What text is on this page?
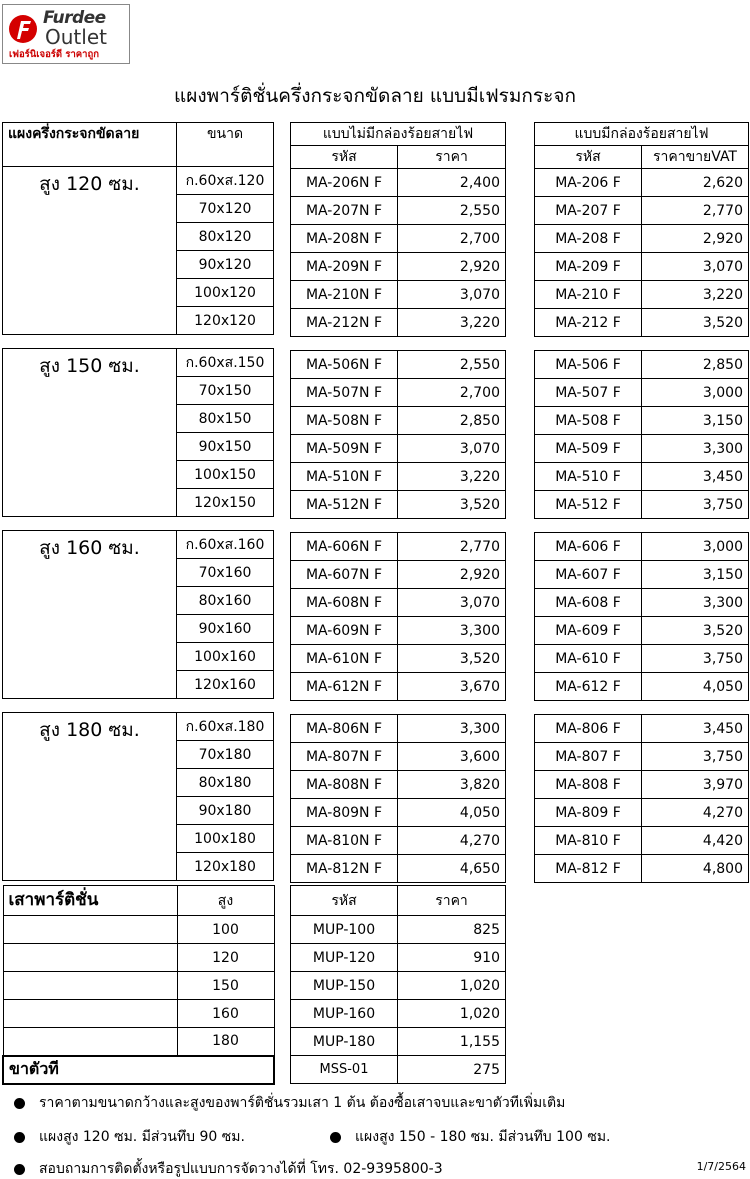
Furdee
Outlet
เฟอร์นิเจอร์ดี ราคาถูก
แผงพาร์ติชั่นครึ่งกระจกขัดลาย แบบมีเฟรมกระจก
แผงครึ่งกระจกขัดลาย	ขนาด

สูง 120 ซม.	ก.60xส.120
	70x120
	80x120
	90x120
	100x120
	120x120

สูง 150 ซม.	ก.60xส.150
	70x150
	80x150
	90x150
	100x150
	120x150

สูง 160 ซม.	ก.60xส.160
	70x160
	80x160
	90x160
	100x160
	120x160

สูง 180 ซม.	ก.60xส.180
	70x180
	80x180
	90x180
	100x180
	120x180
แบบไม่มีกล่องร้อยสายไฟ	
รหัส	ราคา
MA-206N F	2,400
MA-207N F	2,550
MA-208N F	2,700
MA-209N F	2,920
MA-210N F	3,070
MA-212N F	3,220

MA-506N F	2,550
MA-507N F	2,700
MA-508N F	2,850
MA-509N F	3,070
MA-510N F	3,220
MA-512N F	3,520

MA-606N F	2,770
MA-607N F	2,920
MA-608N F	3,070
MA-609N F	3,300
MA-610N F	3,520
MA-612N F	3,670

MA-806N F	3,300
MA-807N F	3,600
MA-808N F	3,820
MA-809N F	4,050
MA-810N F	4,270
MA-812N F	4,650
แบบมีกล่องร้อยสายไฟ	
รหัส	ราคาขายVAT
MA-206 F	2,620
MA-207 F	2,770
MA-208 F	2,920
MA-209 F	3,070
MA-210 F	3,220
MA-212 F	3,520

MA-506 F	2,850
MA-507 F	3,000
MA-508 F	3,150
MA-509 F	3,300
MA-510 F	3,450
MA-512 F	3,750

MA-606 F	3,000
MA-607 F	3,150
MA-608 F	3,300
MA-609 F	3,520
MA-610 F	3,750
MA-612 F	4,050

MA-806 F	3,450
MA-807 F	3,750
MA-808 F	3,970
MA-809 F	4,270
MA-810 F	4,420
MA-812 F	4,800
เสาพาร์ติชั่น	สูง
	100
	120
	150
	160
	180
ขาตัวที	
รหัส	ราคา
MUP-100	825
MUP-120	910
MUP-150	1,020
MUP-160	1,020
MUP-180	1,155
MSS-01	275
ราคาตามขนาดกว้างและสูงของพาร์ติชั่นรวมเสา 1 ต้น ต้องซื้อเสาจบและขาตัวทีเพิ่มเติม
แผงสูง 120 ซม. มีส่วนทึบ 90 ซม.	แผงสูง 150 - 180 ซม. มีส่วนทึบ 100 ซม.
สอบถามการติดตั้งหรือรูปแบบการจัดวางได้ที่ โทร. 02-9395800-3	1/7/2564
